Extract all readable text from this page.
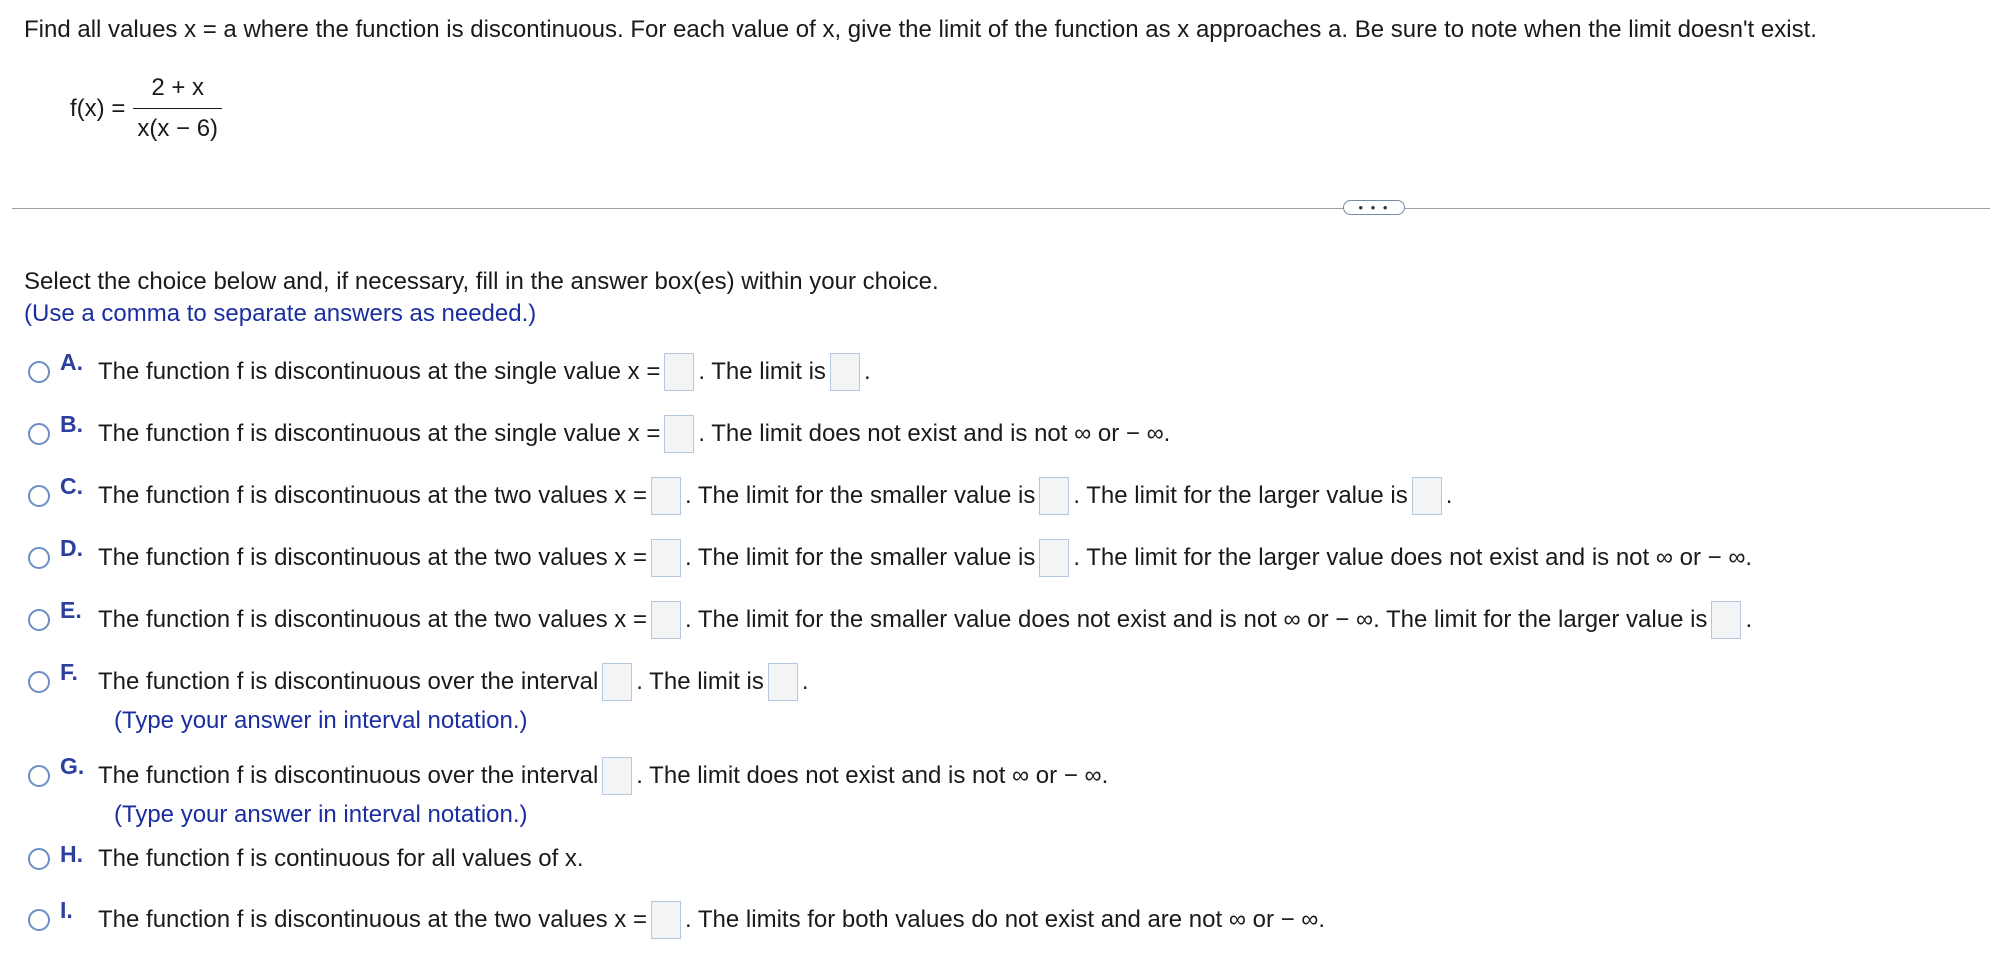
Find all values x = a where the function is discontinuous. For each value of x, give the limit of the function as x approaches a. Be sure to note when the limit doesn't exist.
$f(x) = \frac{2 + x}{x(x - 6)}$
• • •
Select the choice below and, if necessary, fill in the answer box(es) within your choice.
(Use a comma to separate answers as needed.)
A. The function f is discontinuous at the single value x = . The limit is .
B. The function f is discontinuous at the single value x = . The limit does not exist and is not ∞ or − ∞.
C. The function f is discontinuous at the two values x = . The limit for the smaller value is . The limit for the larger value is .
D. The function f is discontinuous at the two values x = . The limit for the smaller value is . The limit for the larger value does not exist and is not ∞ or − ∞.
E. The function f is discontinuous at the two values x = . The limit for the smaller value does not exist and is not ∞ or − ∞. The limit for the larger value is .
F. The function f is discontinuous over the interval . The limit is .
(Type your answer in interval notation.)
G. The function f is discontinuous over the interval . The limit does not exist and is not ∞ or − ∞.
(Type your answer in interval notation.)
H. The function f is continuous for all values of x.
I.	The function f is discontinuous at the two values x = . The limits for both values do not exist and are not ∞ or − ∞.
